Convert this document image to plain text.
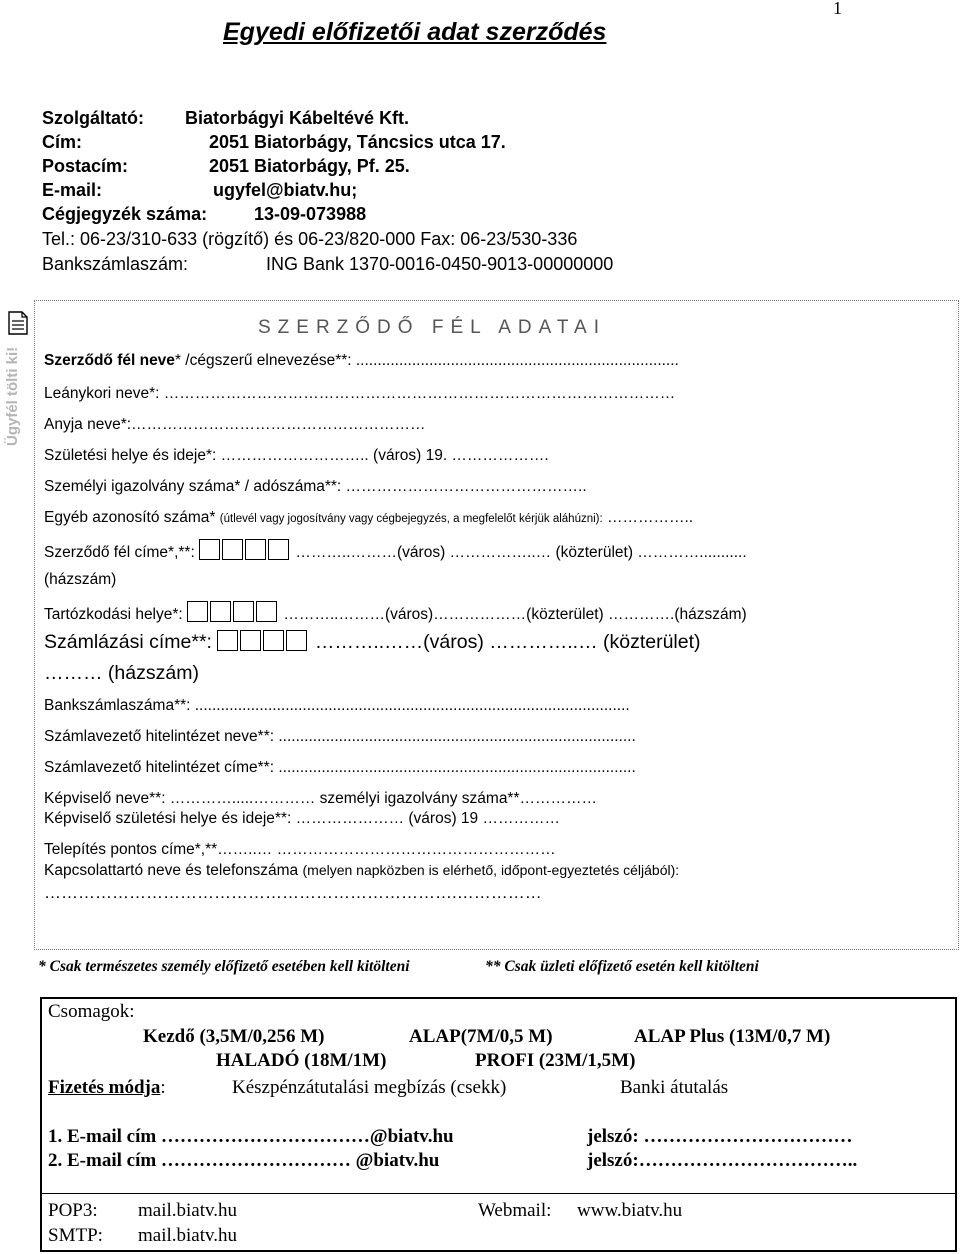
1
Egyedi előfizetői adat szerződés
Szolgáltató: Biatorbágyi Kábeltévé Kft.
Cím:	2051 Biatorbágy, Táncsics utca 17.
Postacím:	2051 Biatorbágy, Pf. 25.
E-mail:	ugyfel@biatv.hu;
Cégjegyzék száma:	13-09-073988
Tel.: 06-23/310-633 (rögzítő) és 06-23/820-000 Fax: 06-23/530-336
Bankszámlaszám:	ING Bank 1370-0016-0450-9013-00000000
Ügyfél tölti ki!
SZERZŐDŐ FÉL ADATAI
Szerződő fél neve* /cégszerű elnevezése**: ...........................................................................
Leánykori neve*: ………………………………………………………………………………………
Anyja neve*:…………………………………………………
Születési helye és ideje*: ……………………….. (város) 19. ……………….
Személyi igazolvány száma* / adószáma**: ………………………………………..
Egyéb azonosító száma* (útlevél vagy jogosítvány vagy cégbejegyzés, a megfelelőt kérjük aláhúzni): ……………..
Szerződő fél címe*,**:	………..………(város) ……………..… (közterület) …………...........
(házszám)
Tartózkodási helye*:	………..………(város)………………(közterület) ………….(házszám)
Számlázási címe**:	………..……(város) …………..… (közterület)
……… (házszám)
Bankszámlaszáma**: .....................................................................................................
Számlavezető hitelintézet neve**: ...................................................................................
Számlavezető hitelintézet címe**: ...................................................................................
Képviselő neve**: ………….....………… személyi igazolvány száma**……………
Képviselő születési helye és ideje**: ………………… (város) 19 ……………
Telepítés pontos címe*,**……..… ………………………………………………
Kapcsolattartó neve és telefonszáma (melyen napközben is elérhető, időpont-egyeztetés céljából):
……………………………………………………………….……………
* Csak természetes személy előfizető esetében kell kitölteni	** Csak üzleti előfizető esetén kell kitölteni
Csomagok:
Kezdő (3,5M/0,256 M)	ALAP(7M/0,5 M)	ALAP Plus (13M/0,7 M)
HALADÓ (18M/1M)	PROFI (23M/1,5M)
Fizetés módja:	Készpénzátutalási megbízás (csekk)	Banki átutalás
1. E-mail cím ……………………………@biatv.hu	jelszó: ……………………………
2. E-mail cím ………………………… @biatv.hu	jelszó:……………………………..
POP3: mail.biatv.hu	Webmail: www.biatv.hu
SMTP: mail.biatv.hu
